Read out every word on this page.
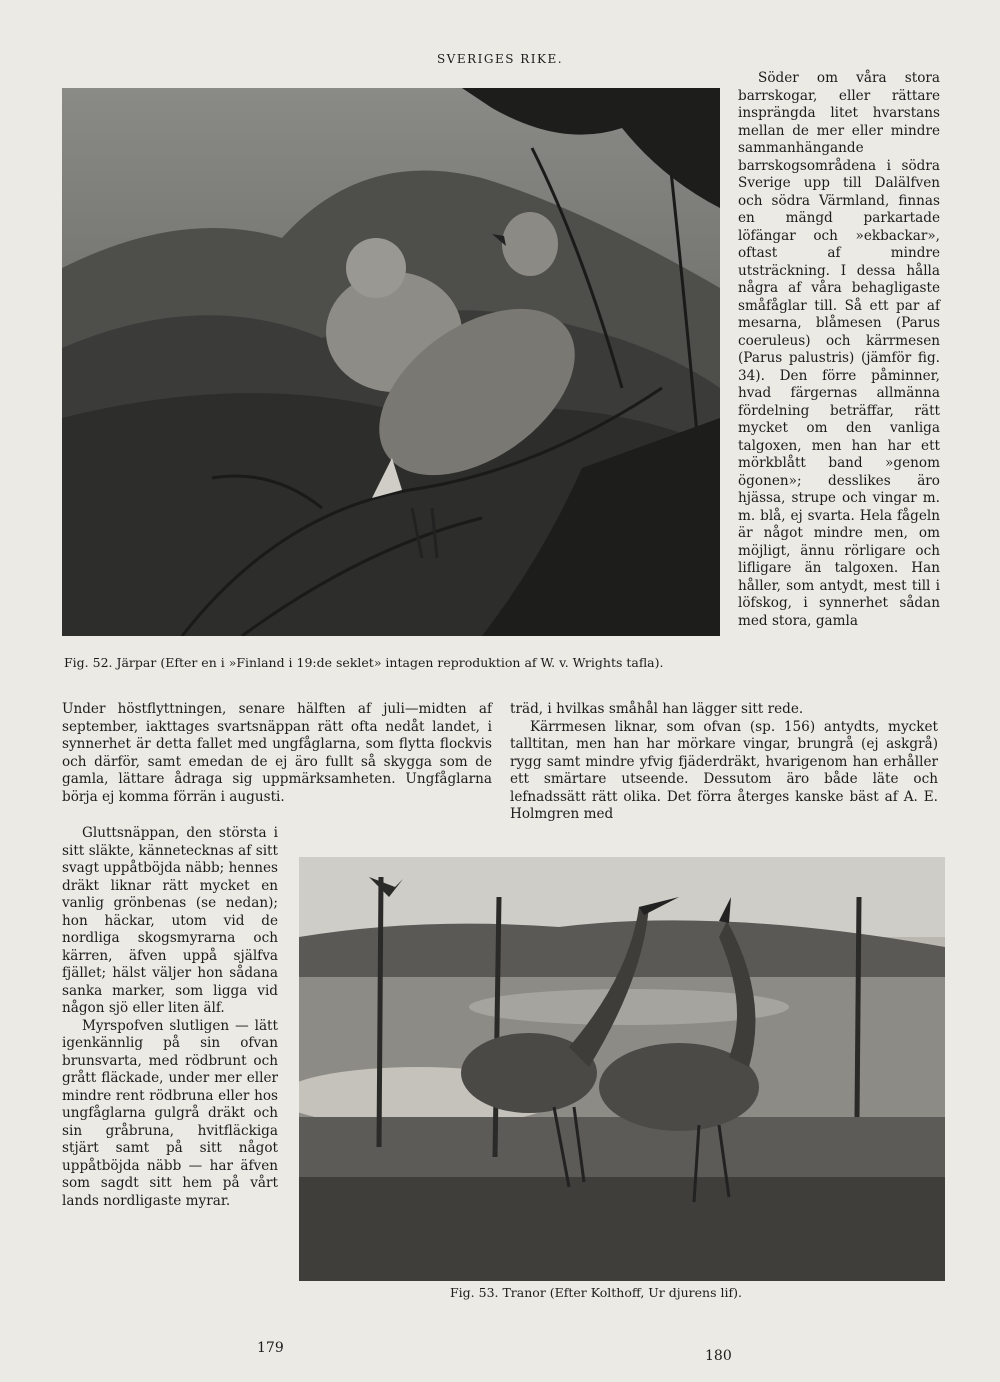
SVERIGES RIKE.
Fig. 52. Järpar (Efter en i »Finland i 19:de seklet» intagen reproduktion af W. v. Wrights tafla).

Söder om våra stora barrskogar, eller rättare insprängda litet hvarstans mellan de mer eller mindre sammanhängande barrskogsområdena i södra Sverige upp till Dalälfven och södra Värmland, finnas en mängd parkartade löfängar och »ekbackar», oftast af mindre utsträckning. I dessa hålla några af våra behagligaste småfåglar till. Så ett par af mesarna, blåmesen (Parus coeruleus) och kärrmesen (Parus palustris) (jämför fig. 34). Den förre påminner, hvad färgernas allmänna fördelning beträffar, rätt mycket om den vanliga talgoxen, men han har ett mörkblått band »genom ögonen»; desslikes äro hjässa, strupe och vingar m. m. blå, ej svarta. Hela fågeln är något mindre men, om möjligt, ännu rörligare och lifligare än talgoxen. Han håller, som antydt, mest till i löfskog, i synnerhet sådan med stora, gamla

träd, i hvilkas småhål han lägger sitt rede.

Kärrmesen liknar, som ofvan (sp. 156) antydts, mycket talltitan, men han har mörkare vingar, brungrå (ej askgrå) rygg samt mindre yfvig fjäderdräkt, hvarigenom han erhåller ett smärtare utseende. Dessutom äro både läte och lefnadssätt rätt olika. Det förra återges kanske bäst af A. E. Holmgren med

Under höstflyttningen, senare hälften af juli—midten af september, iakttages svartsnäppan rätt ofta nedåt landet, i synnerhet är detta fallet med ungfåglarna, som flytta flockvis och därför, samt emedan de ej äro fullt så skygga som de gamla, lättare ådraga sig uppmärksamheten. Ungfåglarna börja ej komma förrän i augusti.

Gluttsnäppan, den största i sitt släkte, kännetecknas af sitt svagt uppåtböjda näbb; hennes dräkt liknar rätt mycket en vanlig grönbenas (se nedan); hon häckar, utom vid de nordliga skogsmyrarna och kärren, äfven uppå själfva fjället; hälst väljer hon sådana sanka marker, som ligga vid någon sjö eller liten älf.

Myrspofven slutligen — lätt igenkännlig på sin ofvan brunsvarta, med rödbrunt och grått fläckade, under mer eller mindre rent rödbruna eller hos ungfåglarna gulgrå dräkt och sin gråbruna, hvitfläckiga stjärt samt på sitt något uppåtböjda näbb — har äfven som sagdt sitt hem på vårt lands nordligaste myrar.

Fig. 53. Tranor (Efter Kolthoff, Ur djurens lif).
179	180
